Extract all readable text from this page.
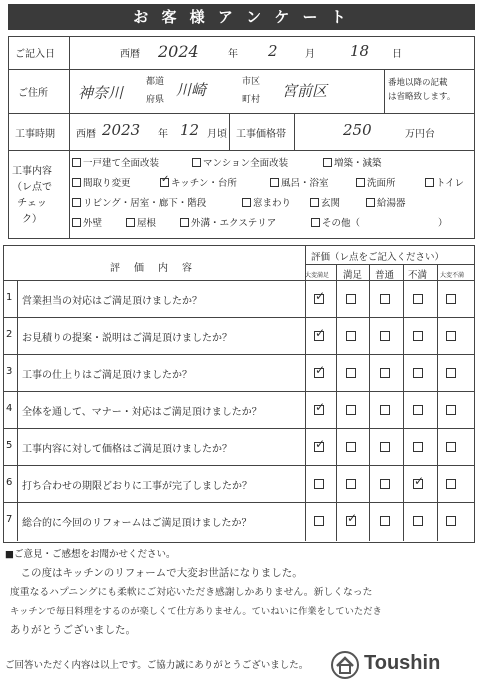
お 客 様 ア ン ケ ー ト
ご記入日	西暦 2024	年 2	月 18 日
ご住所 神奈川
都道
府県
川崎	市区
町村 宮前区	番地以降の記載
は省略致します。
工事時期 西暦 2023 年 12 月頃 工事価格帯	250	万円台
工事内容
（レ点で
チェック）
一戸建て全面改装	マンション全面改装	増築・減築
間取り変更
✓	キッチン・台所	風呂・浴室	洗面所	トイレ
リビング・居室・廊下・階段	窓まわり	玄関	給湯器
外壁	屋根	外溝・エクステリア	その他（	）
評　価　内　容
評価（レ点をご記入ください）
大変満足 満足 普通 不満 大変不満
1 営業担当の対応はご満足頂けましたか？
✓
2 お見積りの提案・説明はご満足頂けましたか？
✓
3 工事の仕上りはご満足頂けましたか？
✓
4 全体を通して、マナー・対応はご満足頂けましたか？
✓
5 工事内容に対して価格はご満足頂けましたか？
✓
6 打ち合わせの期限どおりに工事が完了しましたか？
✓
7 総合的に今回のリフォームはご満足頂けましたか？
✓
■ご意見・ご感想をお聞かせください。
　この度はキッチンのリフォームで大変お世話になりました。
度重なるハプニングにも柔軟にご対応いただき感謝しかありません。新しくなった
キッチンで毎日料理をするのが楽しくて仕方ありません。ていねいに作業をしていただき
ありがとうございました。
ご回答いただく内容は以上です。ご協力誠にありがとうございました。	Toushin
